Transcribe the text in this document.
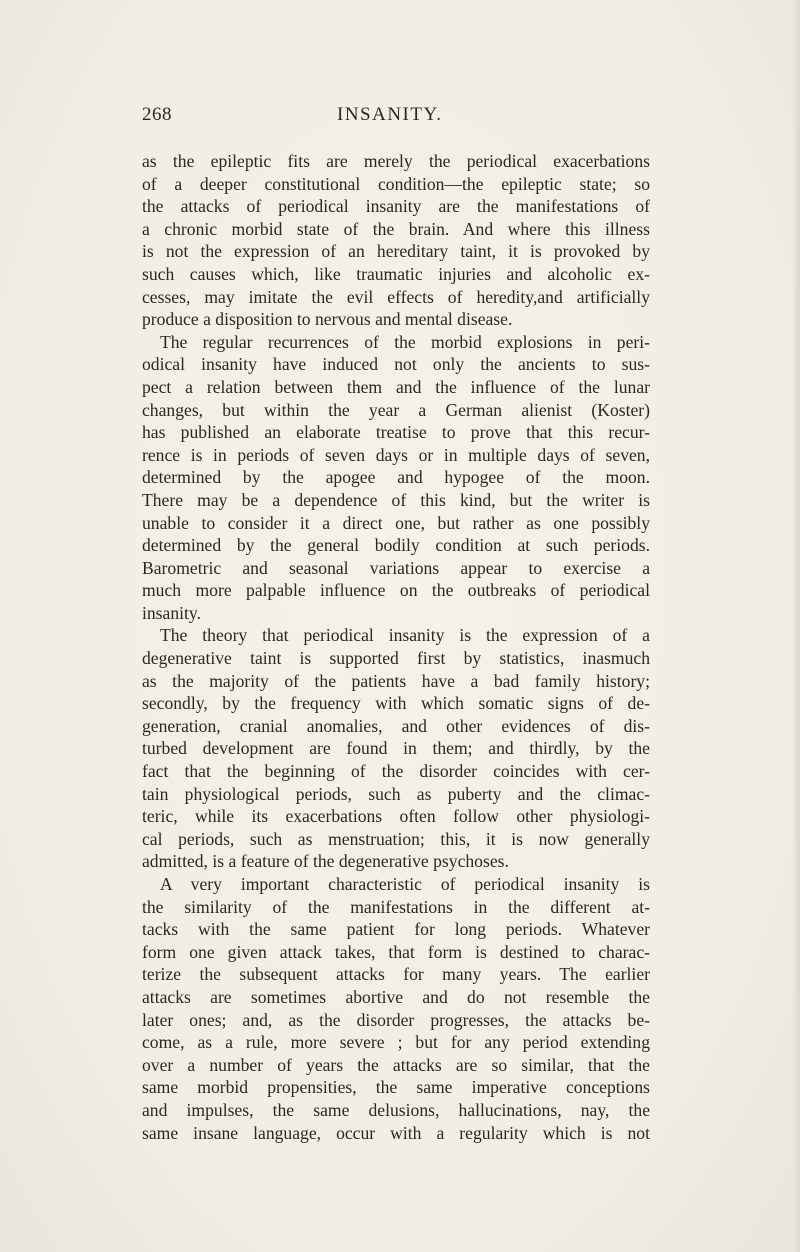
268	INSANITY.
as the epileptic fits are merely the periodical exacerbations
of a deeper constitutional condition—the epileptic state; so
the attacks of periodical insanity are the manifestations of
a chronic morbid state of the brain. And where this illness
is not the expression of an hereditary taint, it is provoked by
such causes which, like traumatic injuries and alcoholic ex-
cesses, may imitate the evil effects of heredity,and artificially
produce a disposition to nervous and mental disease.
The regular recurrences of the morbid explosions in peri-
odical insanity have induced not only the ancients to sus-
pect a relation between them and the influence of the lunar
changes, but within the year a German alienist (Koster)
has published an elaborate treatise to prove that this recur-
rence is in periods of seven days or in multiple days of seven,
determined by the apogee and hypogee of the moon.
There may be a dependence of this kind, but the writer is
unable to consider it a direct one, but rather as one possibly
determined by the general bodily condition at such periods.
Barometric and seasonal variations appear to exercise a
much more palpable influence on the outbreaks of periodical
insanity.
The theory that periodical insanity is the expression of a
degenerative taint is supported first by statistics, inasmuch
as the majority of the patients have a bad family history;
secondly, by the frequency with which somatic signs of de-
generation, cranial anomalies, and other evidences of dis-
turbed development are found in them; and thirdly, by the
fact that the beginning of the disorder coincides with cer-
tain physiological periods, such as puberty and the climac-
teric, while its exacerbations often follow other physiologi-
cal periods, such as menstruation; this, it is now generally
admitted, is a feature of the degenerative psychoses.
A very important characteristic of periodical insanity is
the similarity of the manifestations in the different at-
tacks with the same patient for long periods. Whatever
form one given attack takes, that form is destined to charac-
terize the subsequent attacks for many years. The earlier
attacks are sometimes abortive and do not resemble the
later ones; and, as the disorder progresses, the attacks be-
come, as a rule, more severe ; but for any period extending
over a number of years the attacks are so similar, that the
same morbid propensities, the same imperative conceptions
and impulses, the same delusions, hallucinations, nay, the
same insane language, occur with a regularity which is not
